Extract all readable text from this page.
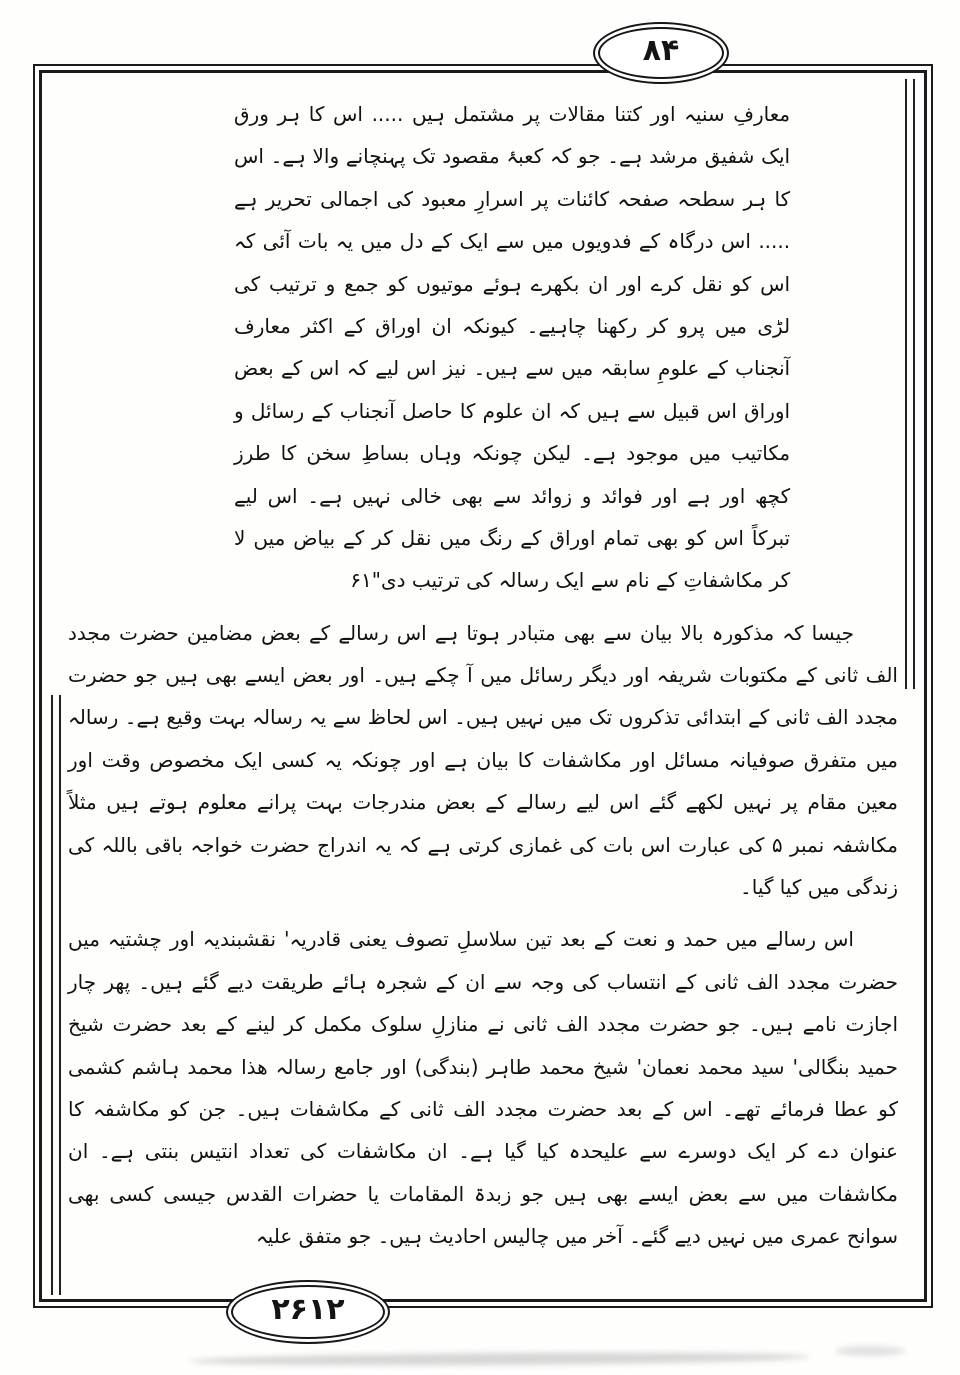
معارفِ سنیہ اور کتنا مقالات پر مشتمل ہیں ..... اس کا ہر ورق ایک شفیق مرشد ہے۔ جو کہ کعبۂ مقصود تک پہنچانے والا ہے۔ اس کا ہر سطحہ صفحہ کائنات پر اسرارِ معبود کی اجمالی تحریر ہے ..... اس درگاہ کے فدویوں میں سے ایک کے دل میں یہ بات آئی کہ اس کو نقل کرے اور ان بکھرے ہوئے موتیوں کو جمع و ترتیب کی لڑی میں پرو کر رکھنا چاہیے۔ کیونکہ ان اوراق کے اکثر معارف آنجناب کے علومِ سابقہ میں سے ہیں۔ نیز اس لیے کہ اس کے بعض اوراق اس قبیل سے ہیں کہ ان علوم کا حاصل آنجناب کے رسائل و مکاتیب میں موجود ہے۔ لیکن چونکہ وہاں بساطِ سخن کا طرز کچھ اور ہے اور فوائد و زوائد سے بھی خالی نہیں ہے۔ اس لیے تبرکاً اس کو بھی تمام اوراق کے رنگ میں نقل کر کے بیاض میں لا کر مکاشفاتِ کے نام سے ایک رسالہ کی ترتیب دی"۶۱

جیسا کہ مذکورہ بالا بیان سے بھی متبادر ہوتا ہے اس رسالے کے بعض مضامین حضرت مجدد الف ثانی کے مکتوبات شریفہ اور دیگر رسائل میں آ چکے ہیں۔ اور بعض ایسے بھی ہیں جو حضرت مجدد الف ثانی کے ابتدائی تذکروں تک میں نہیں ہیں۔ اس لحاظ سے یہ رسالہ بہت وقیع ہے۔ رسالہ میں متفرق صوفیانہ مسائل اور مکاشفات کا بیان ہے اور چونکہ یہ کسی ایک مخصوص وقت اور معین مقام پر نہیں لکھے گئے اس لیے رسالے کے بعض مندرجات بہت پرانے معلوم ہوتے ہیں مثلاً مکاشفہ نمبر ۵ کی عبارت اس بات کی غمازی کرتی ہے کہ یہ اندراج حضرت خواجہ باقی باللہ کی زندگی میں کیا گیا۔

اس رسالے میں حمد و نعت کے بعد تین سلاسلِ تصوف یعنی قادریہ' نقشبندیہ اور چشتیہ میں حضرت مجدد الف ثانی کے انتساب کی وجہ سے ان کے شجرہ ہائے طریقت دیے گئے ہیں۔ پھر چار اجازت نامے ہیں۔ جو حضرت مجدد الف ثانی نے منازلِ سلوک مکمل کر لینے کے بعد حضرت شیخ حمید بنگالی' سید محمد نعمان' شیخ محمد طاہر (بندگی) اور جامع رسالہ ھذا محمد ہاشم کشمی کو عطا فرمائے تھے۔ اس کے بعد حضرت مجدد الف ثانی کے مکاشفات ہیں۔ جن کو مکاشفہ کا عنوان دے کر ایک دوسرے سے علیحدہ کیا گیا ہے۔ ان مکاشفات کی تعداد انتیس بنتی ہے۔ ان مکاشفات میں سے بعض ایسے بھی ہیں جو زبدۃ المقامات یا حضرات القدس جیسی کسی بھی سوانح عمری میں نہیں دیے گئے۔ آخر میں چالیس احادیث ہیں۔ جو متفق علیہ

۸۴
۲۶۱۲
